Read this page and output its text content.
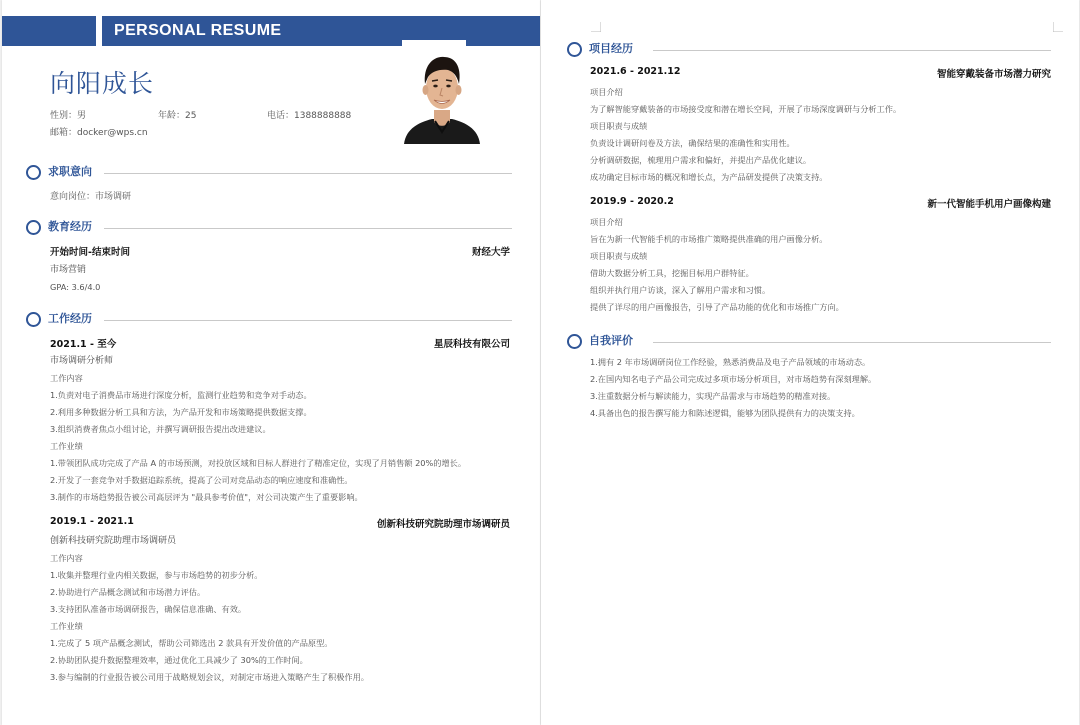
PERSONAL RESUME
向阳成长
性别：男	年龄：25	电话：1388888888
邮箱：docker@wps.cn
求职意向
意向岗位：市场调研
教育经历
开始时间-结束时间	财经大学
市场营销
GPA: 3.6/4.0
工作经历
2021.1 - 至今	星辰科技有限公司
市场调研分析师
工作内容
1.负责对电子消费品市场进行深度分析，监测行业趋势和竞争对手动态。
2.利用多种数据分析工具和方法，为产品开发和市场策略提供数据支撑。
3.组织消费者焦点小组讨论，并撰写调研报告提出改进建议。
工作业绩
1.带领团队成功完成了产品 A 的市场预测，对投放区域和目标人群进行了精准定位，实现了月销售额 20%的增长。
2.开发了一套竞争对手数据追踪系统，提高了公司对竞品动态的响应速度和准确性。
3.制作的市场趋势报告被公司高层评为 "最具参考价值"，对公司决策产生了重要影响。
2019.1 - 2021.1	创新科技研究院助理市场调研员
创新科技研究院助理市场调研员
工作内容
1.收集并整理行业内相关数据，参与市场趋势的初步分析。
2.协助进行产品概念测试和市场潜力评估。
3.支持团队准备市场调研报告，确保信息准确、有效。
工作业绩
1.完成了 5 项产品概念测试，帮助公司筛选出 2 款具有开发价值的产品原型。
2.协助团队提升数据整理效率，通过优化工具减少了 30%的工作时间。
3.参与编制的行业报告被公司用于战略规划会议，对制定市场进入策略产生了积极作用。
项目经历
2021.6 - 2021.12	智能穿戴装备市场潜力研究
项目介绍
为了解智能穿戴装备的市场接受度和潜在增长空间，开展了市场深度调研与分析工作。
项目职责与成绩
负责设计调研问卷及方法，确保结果的准确性和实用性。
分析调研数据，梳理用户需求和偏好，并提出产品优化建议。
成功确定目标市场的概况和增长点，为产品研发提供了决策支持。
2019.9 - 2020.2	新一代智能手机用户画像构建
项目介绍
旨在为新一代智能手机的市场推广策略提供准确的用户画像分析。
项目职责与成绩
借助大数据分析工具，挖掘目标用户群特征。
组织并执行用户访谈，深入了解用户需求和习惯。
提供了详尽的用户画像报告，引导了产品功能的优化和市场推广方向。
自我评价
1.拥有 2 年市场调研岗位工作经验，熟悉消费品及电子产品领域的市场动态。
2.在国内知名电子产品公司完成过多项市场分析项目，对市场趋势有深刻理解。
3.注重数据分析与解读能力，实现产品需求与市场趋势的精准对接。
4.具备出色的报告撰写能力和陈述逻辑，能够为团队提供有力的决策支持。
